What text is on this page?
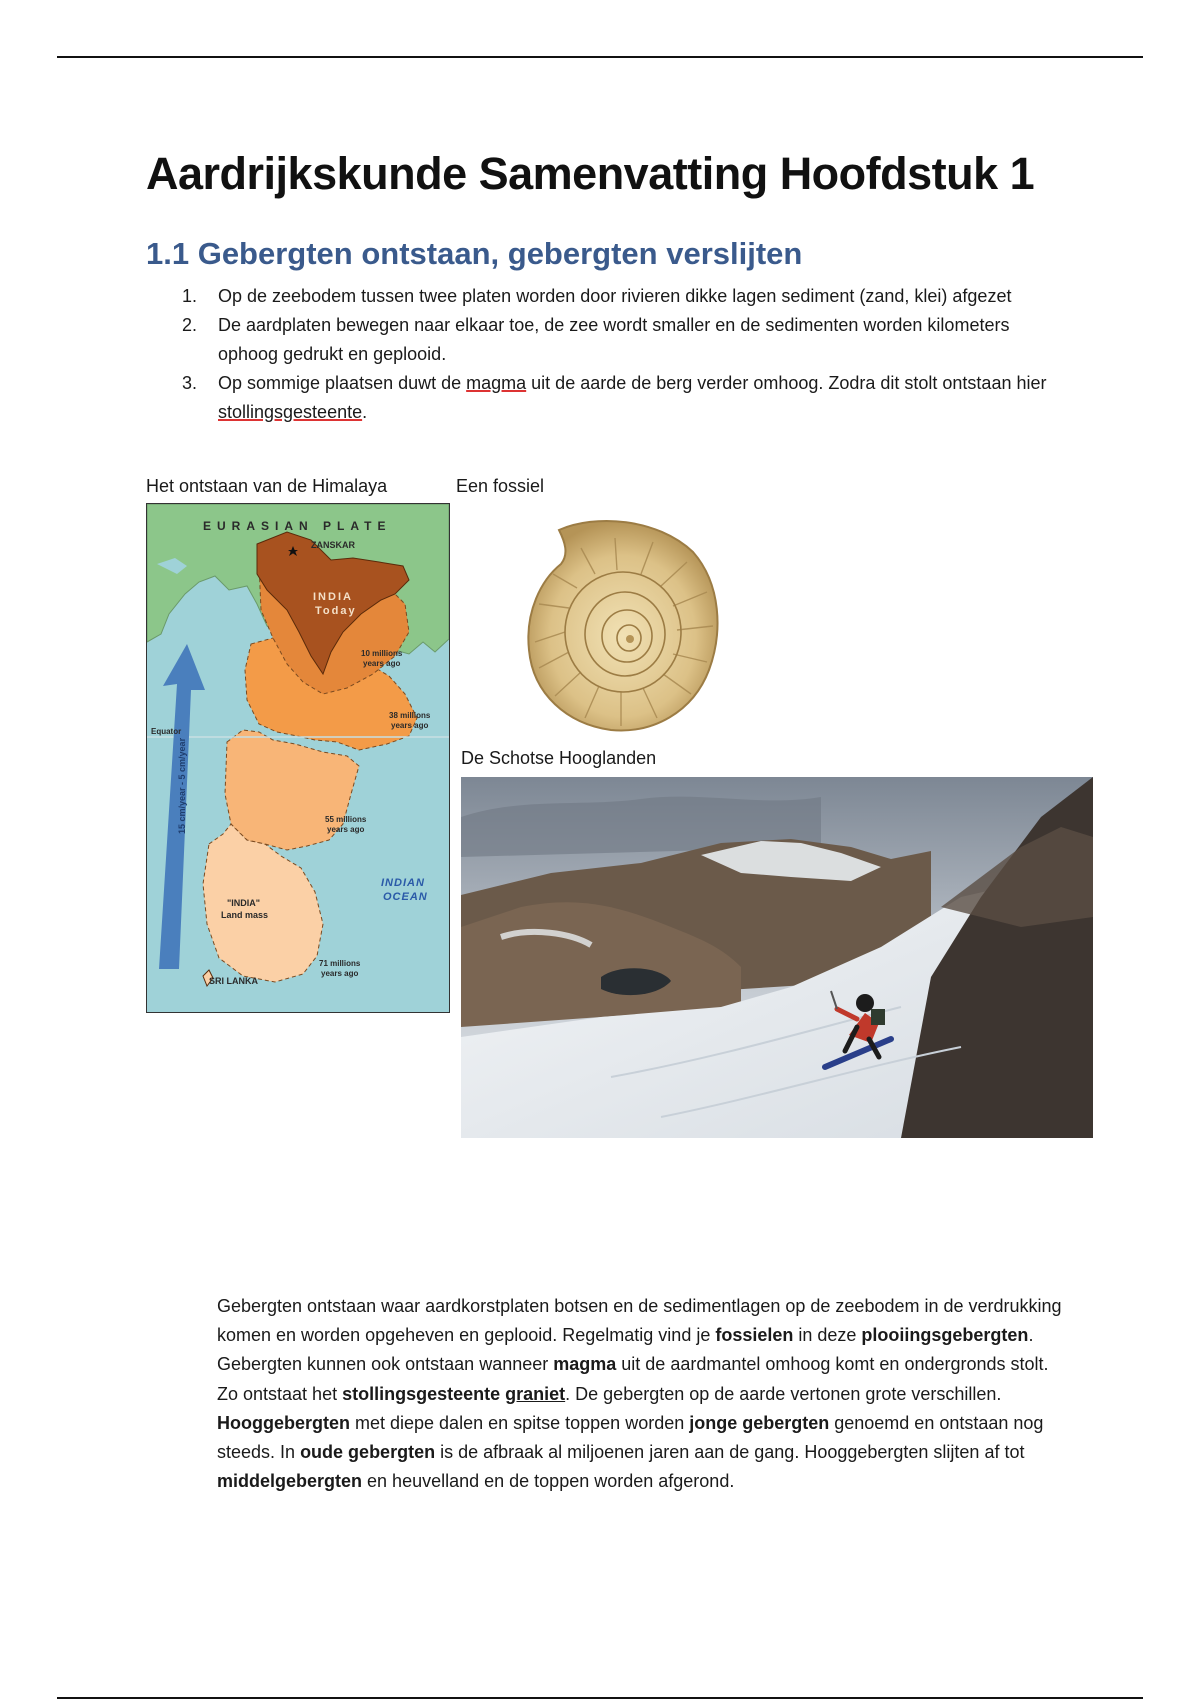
Aardrijkskunde Samenvatting Hoofdstuk 1
1.1 Gebergten ontstaan, gebergten verslijten
1. Op de zeebodem tussen twee platen worden door rivieren dikke lagen sediment (zand, klei) afgezet
2. De aardplaten bewegen naar elkaar toe, de zee wordt smaller en de sedimenten worden kilometers ophoog gedrukt en geplooid.
3. Op sommige plaatsen duwt de magma uit de aarde de berg verder omhoog. Zodra dit stolt ontstaan hier stollingsgesteente.
Het ontstaan van de Himalaya	Een fossiel
De Schotse Hooglanden
EURASIAN PLATE
ZANSKAR
INDIA
Today
10 millions
years ago
38 millions
years ago
Equator
55 millions
years ago
INDIAN
OCEAN
"INDIA"
Land mass
71 millions
years ago
SRI LANKA
15 cm/year - 5 cm/year

Gebergten ontstaan waar aardkorstplaten botsen en de sedimentlagen op de zeebodem in de verdrukking komen en worden opgeheven en geplooid. Regelmatig vind je fossielen in deze plooiingsgebergten. Gebergten kunnen ook ontstaan wanneer magma uit de aardmantel omhoog komt en ondergronds stolt. Zo ontstaat het stollingsgesteente graniet. De gebergten op de aarde vertonen grote verschillen. Hooggebergten met diepe dalen en spitse toppen worden jonge gebergten genoemd en ontstaan nog steeds. In oude gebergten is de afbraak al miljoenen jaren aan de gang. Hooggebergten slijten af tot middelgebergten en heuvelland en de toppen worden afgerond.
